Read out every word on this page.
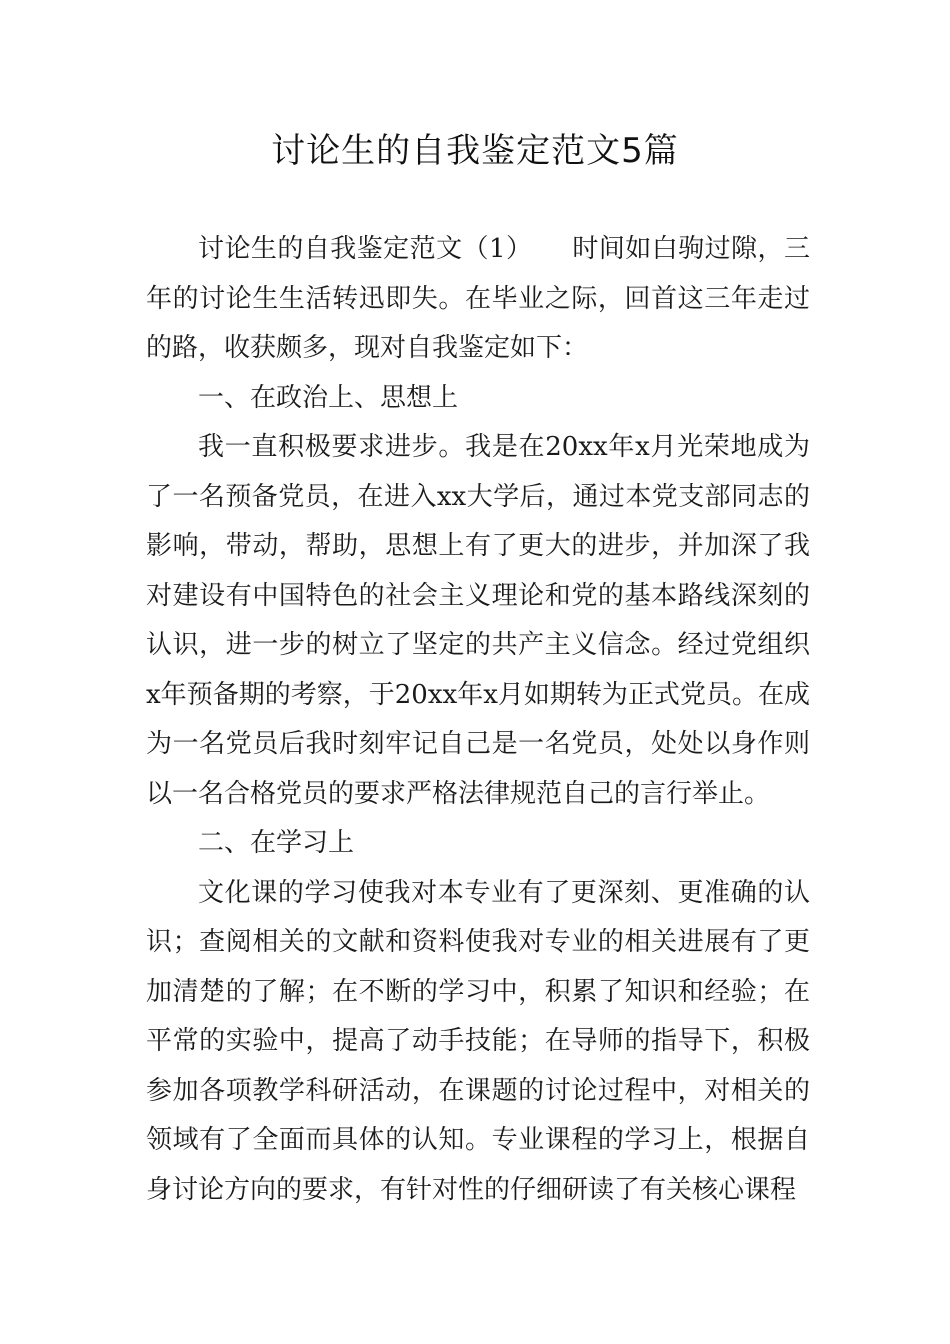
讨论生的自我鉴定范文5篇

讨论生的自我鉴定范文（1）　　时间如白驹过隙，三年的讨论生生活转迅即失。在毕业之际，回首这三年走过的路，收获颇多，现对自我鉴定如下：

一、在政治上、思想上

我一直积极要求进步。我是在20xx年x月光荣地成为了一名预备党员，在进入xx大学后，通过本党支部同志的影响，带动，帮助，思想上有了更大的进步，并加深了我对建设有中国特色的社会主义理论和党的基本路线深刻的认识，进一步的树立了坚定的共产主义信念。经过党组织x年预备期的考察，于20xx年x月如期转为正式党员。在成为一名党员后我时刻牢记自己是一名党员，处处以身作则以一名合格党员的要求严格法律规范自己的言行举止。

二、在学习上

文化课的学习使我对本专业有了更深刻、更准确的认识；查阅相关的文献和资料使我对专业的相关进展有了更加清楚的了解；在不断的学习中，积累了知识和经验；在平常的实验中，提高了动手技能；在导师的指导下，积极参加各项教学科研活动，在课题的讨论过程中，对相关的领域有了全面而具体的认知。专业课程的学习上，根据自身讨论方向的要求，有针对性的仔细研读了有关核心课程
